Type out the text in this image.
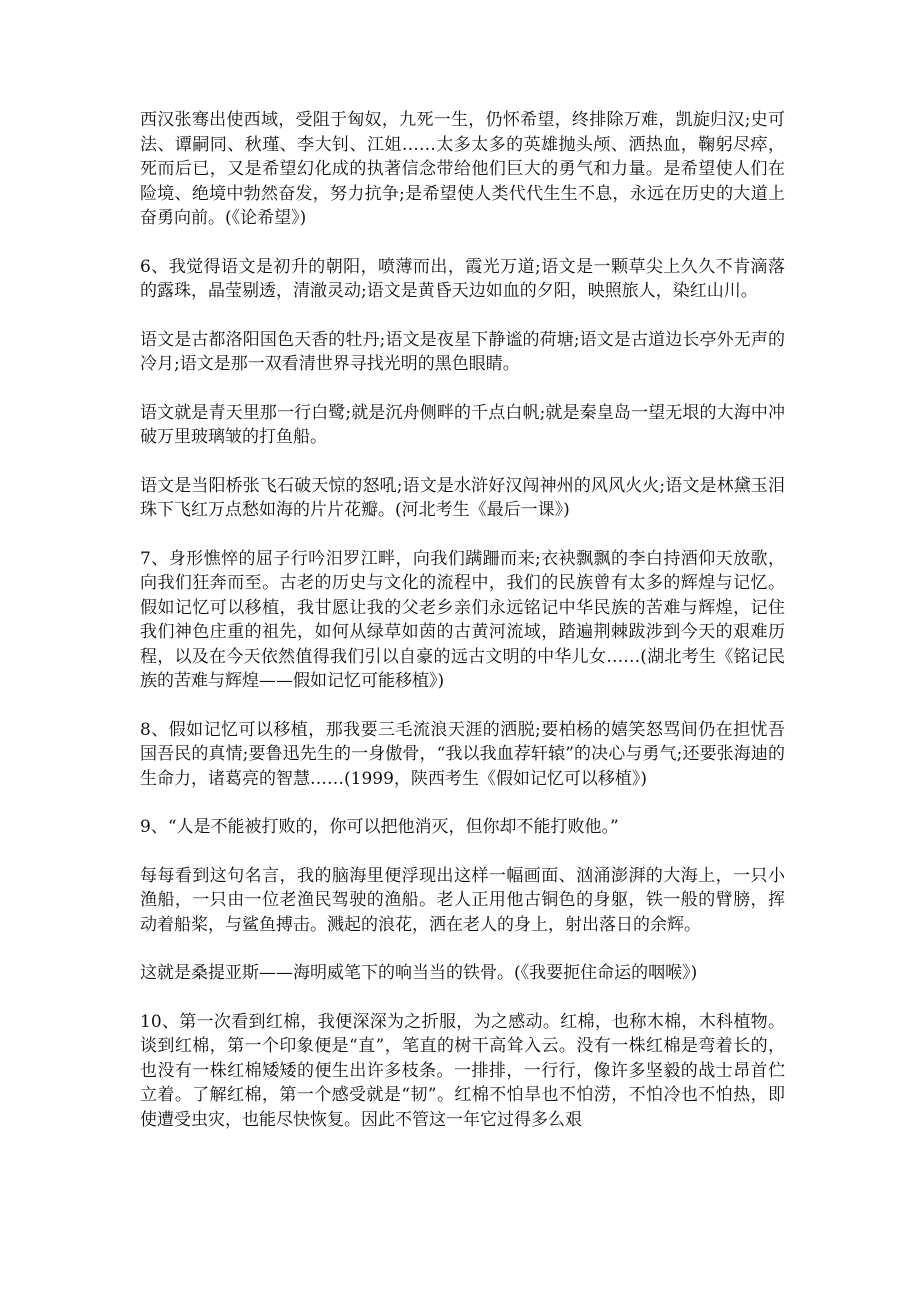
西汉张骞出使西域，受阻于匈奴，九死一生，仍怀希望，终排除万难，凯旋归汉;史可法、谭嗣同、秋瑾、李大钊、江姐……太多太多的英雄抛头颅、洒热血，鞠躬尽瘁，死而后已，又是希望幻化成的执著信念带给他们巨大的勇气和力量。是希望使人们在险境、绝境中勃然奋发，努力抗争;是希望使人类代代生生不息，永远在历史的大道上奋勇向前。(《论希望》)

6、我觉得语文是初升的朝阳，喷薄而出，霞光万道;语文是一颗草尖上久久不肯滴落的露珠，晶莹剔透，清澈灵动;语文是黄昏天边如血的夕阳，映照旅人，染红山川。

语文是古都洛阳国色天香的牡丹;语文是夜星下静谧的荷塘;语文是古道边长亭外无声的冷月;语文是那一双看清世界寻找光明的黑色眼睛。

语文就是青天里那一行白鹭;就是沉舟侧畔的千点白帆;就是秦皇岛一望无垠的大海中冲破万里玻璃皱的打鱼船。

语文是当阳桥张飞石破天惊的怒吼;语文是水浒好汉闯神州的风风火火;语文是林黛玉泪珠下飞红万点愁如海的片片花瓣。(河北考生《最后一课》)

7、身形憔悴的屈子行吟汨罗江畔，向我们蹒跚而来;衣袂飘飘的李白持酒仰天放歌，向我们狂奔而至。古老的历史与文化的流程中，我们的民族曾有太多的辉煌与记忆。假如记忆可以移植，我甘愿让我的父老乡亲们永远铭记中华民族的苦难与辉煌，记住我们神色庄重的祖先，如何从绿草如茵的古黄河流域，踏遍荆棘跋涉到今天的艰难历程，以及在今天依然值得我们引以自豪的远古文明的中华儿女……(湖北考生《铭记民族的苦难与辉煌——假如记忆可能移植》)

8、假如记忆可以移植，那我要三毛流浪天涯的洒脱;要柏杨的嬉笑怒骂间仍在担忧吾国吾民的真情;要鲁迅先生的一身傲骨，“我以我血荐轩辕”的决心与勇气;还要张海迪的生命力，诸葛亮的智慧……(1999，陕西考生《假如记忆可以移植》)

9、“人是不能被打败的，你可以把他消灭，但你却不能打败他。”

每每看到这句名言，我的脑海里便浮现出这样一幅画面、汹涌澎湃的大海上，一只小渔船，一只由一位老渔民驾驶的渔船。老人正用他古铜色的身躯，铁一般的臂膀，挥动着船桨，与鲨鱼搏击。溅起的浪花，洒在老人的身上，射出落日的余辉。

这就是桑提亚斯——海明威笔下的响当当的铁骨。(《我要扼住命运的咽喉》)

10、第一次看到红棉，我便深深为之折服，为之感动。红棉，也称木棉，木科植物。谈到红棉，第一个印象便是“直”，笔直的树干高耸入云。没有一株红棉是弯着长的，也没有一株红棉矮矮的便生出许多枝条。一排排，一行行，像许多坚毅的战士昂首伫立着。了解红棉，第一个感受就是“韧”。红棉不怕旱也不怕涝，不怕冷也不怕热，即使遭受虫灾，也能尽快恢复。因此不管这一年它过得多么艰
